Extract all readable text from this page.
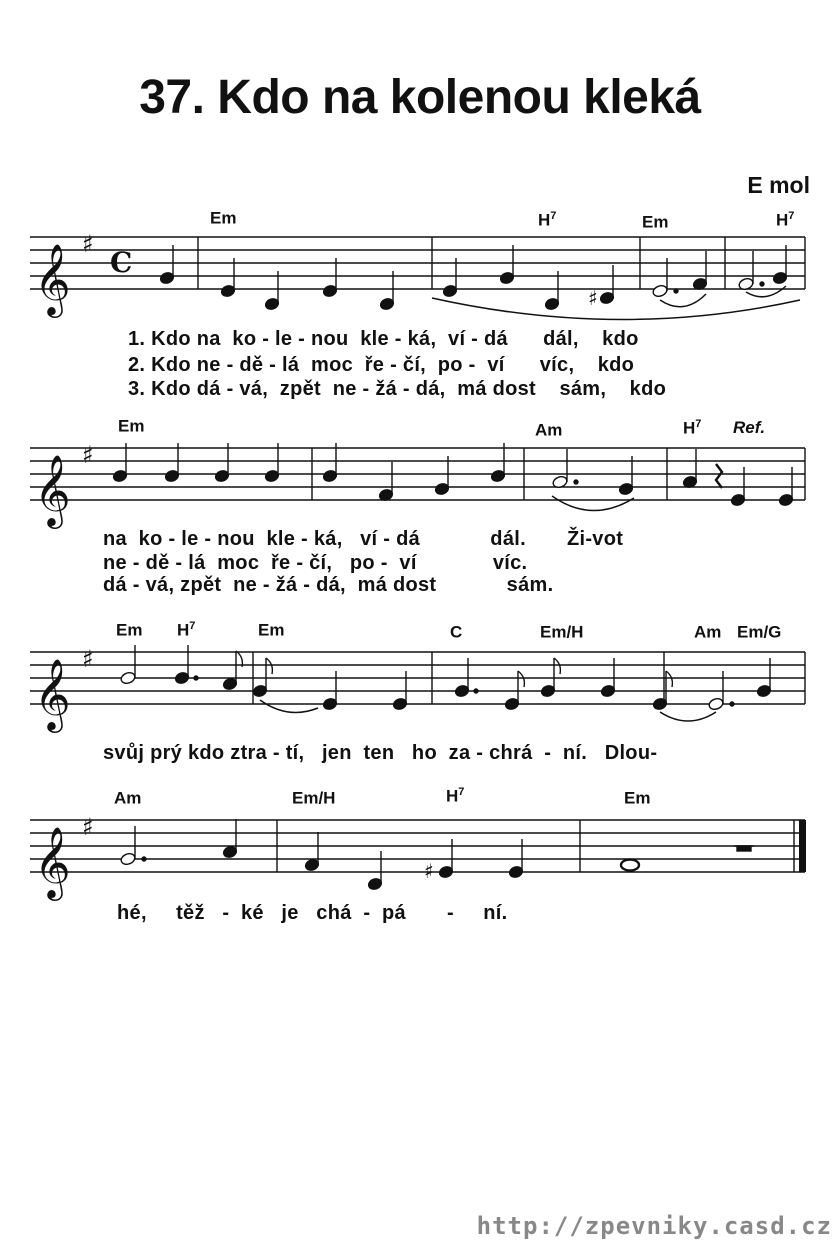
37. Kdo na kolenou kleká
E mol
Em	$H^7$	Em	$H^7$
Em	Am	$H^7$ Ref.
Em $H^7$	Em	C	Em/H	Am Em/G
Am	Em/H	$H^7$	Em
1. Kdo na  ko - le - nou  kle - ká,  ví - dá      dál,    kdo
2. Kdo ne - dě - lá  moc  ře - čí,  po -  ví      víc,    kdo
3. Kdo dá - vá,  zpět  ne - žá - dá,  má dost    sám,    kdo
na  ko - le - nou  kle - ká,   ví - dá            dál.       Ži-vot
ne - dě - lá  moc  ře - čí,   po -  ví             víc.
dá - vá, zpět  ne - žá - dá,  má dost            sám.
svůj prý kdo ztra - tí,   jen  ten   ho  za - chrá  -  ní.   Dlou-
hé,     těž   -  ké   je   chá  -  pá       -     ní.
http://zpevniky.casd.cz
𝄞
𝄞
𝄞
𝄞
♯
♯
♯
♯
C
♯
♯
